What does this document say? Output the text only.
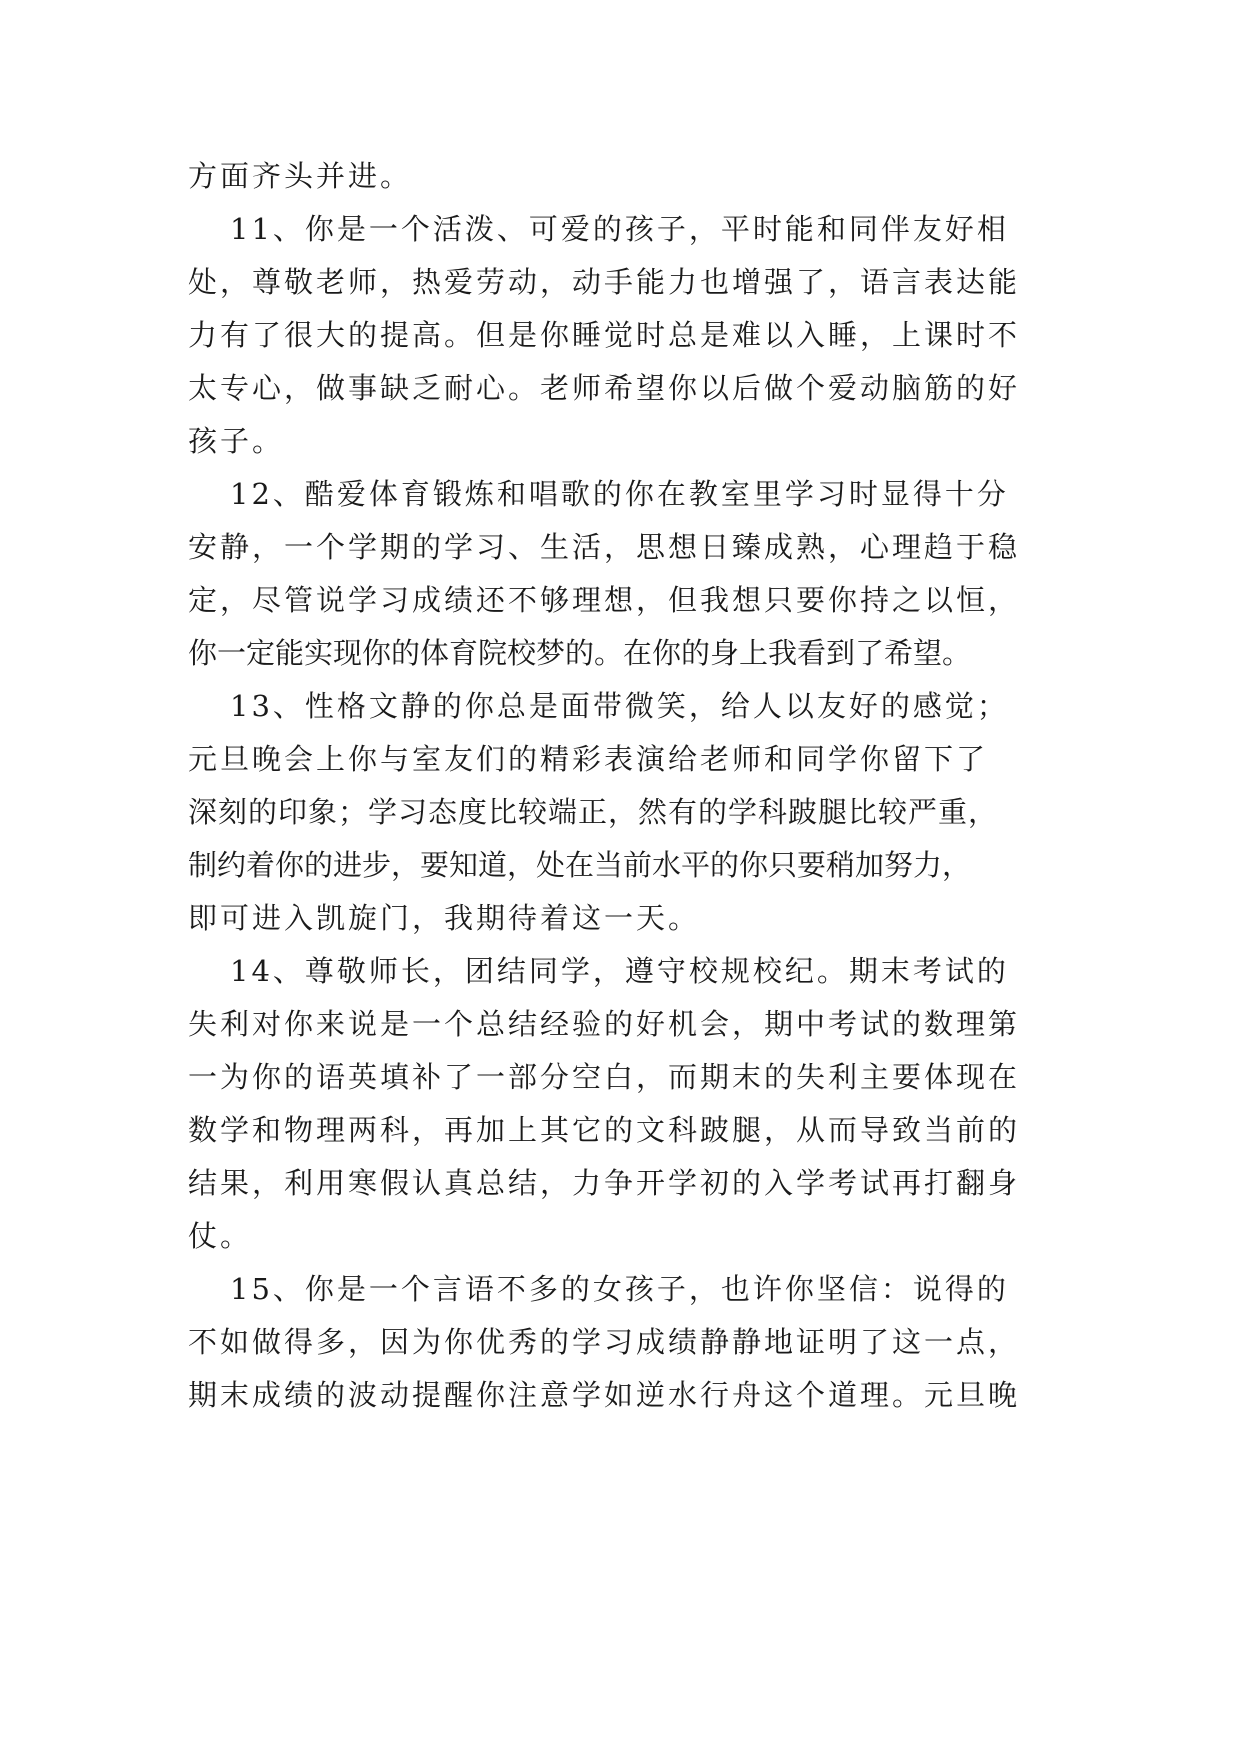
方面齐头并进。
11、你是一个活泼、可爱的孩子，平时能和同伴友好相
处，尊敬老师，热爱劳动，动手能力也增强了，语言表达能
力有了很大的提高。但是你睡觉时总是难以入睡，上课时不
太专心，做事缺乏耐心。老师希望你以后做个爱动脑筋的好
孩子。
12、酷爱体育锻炼和唱歌的你在教室里学习时显得十分
安静，一个学期的学习、生活，思想日臻成熟，心理趋于稳
定，尽管说学习成绩还不够理想，但我想只要你持之以恒，
你一定能实现你的体育院校梦的。在你的身上我看到了希望。
13、性格文静的你总是面带微笑，给人以友好的感觉；
元旦晚会上你与室友们的精彩表演给老师和同学你留下了
深刻的印象；学习态度比较端正，然有的学科跛腿比较严重，
制约着你的进步，要知道，处在当前水平的你只要稍加努力，
即可进入凯旋门，我期待着这一天。
14、尊敬师长，团结同学，遵守校规校纪。期末考试的
失利对你来说是一个总结经验的好机会，期中考试的数理第
一为你的语英填补了一部分空白，而期末的失利主要体现在
数学和物理两科，再加上其它的文科跛腿，从而导致当前的
结果，利用寒假认真总结，力争开学初的入学考试再打翻身
仗。
15、你是一个言语不多的女孩子，也许你坚信：说得的
不如做得多，因为你优秀的学习成绩静静地证明了这一点，
期末成绩的波动提醒你注意学如逆水行舟这个道理。元旦晚
